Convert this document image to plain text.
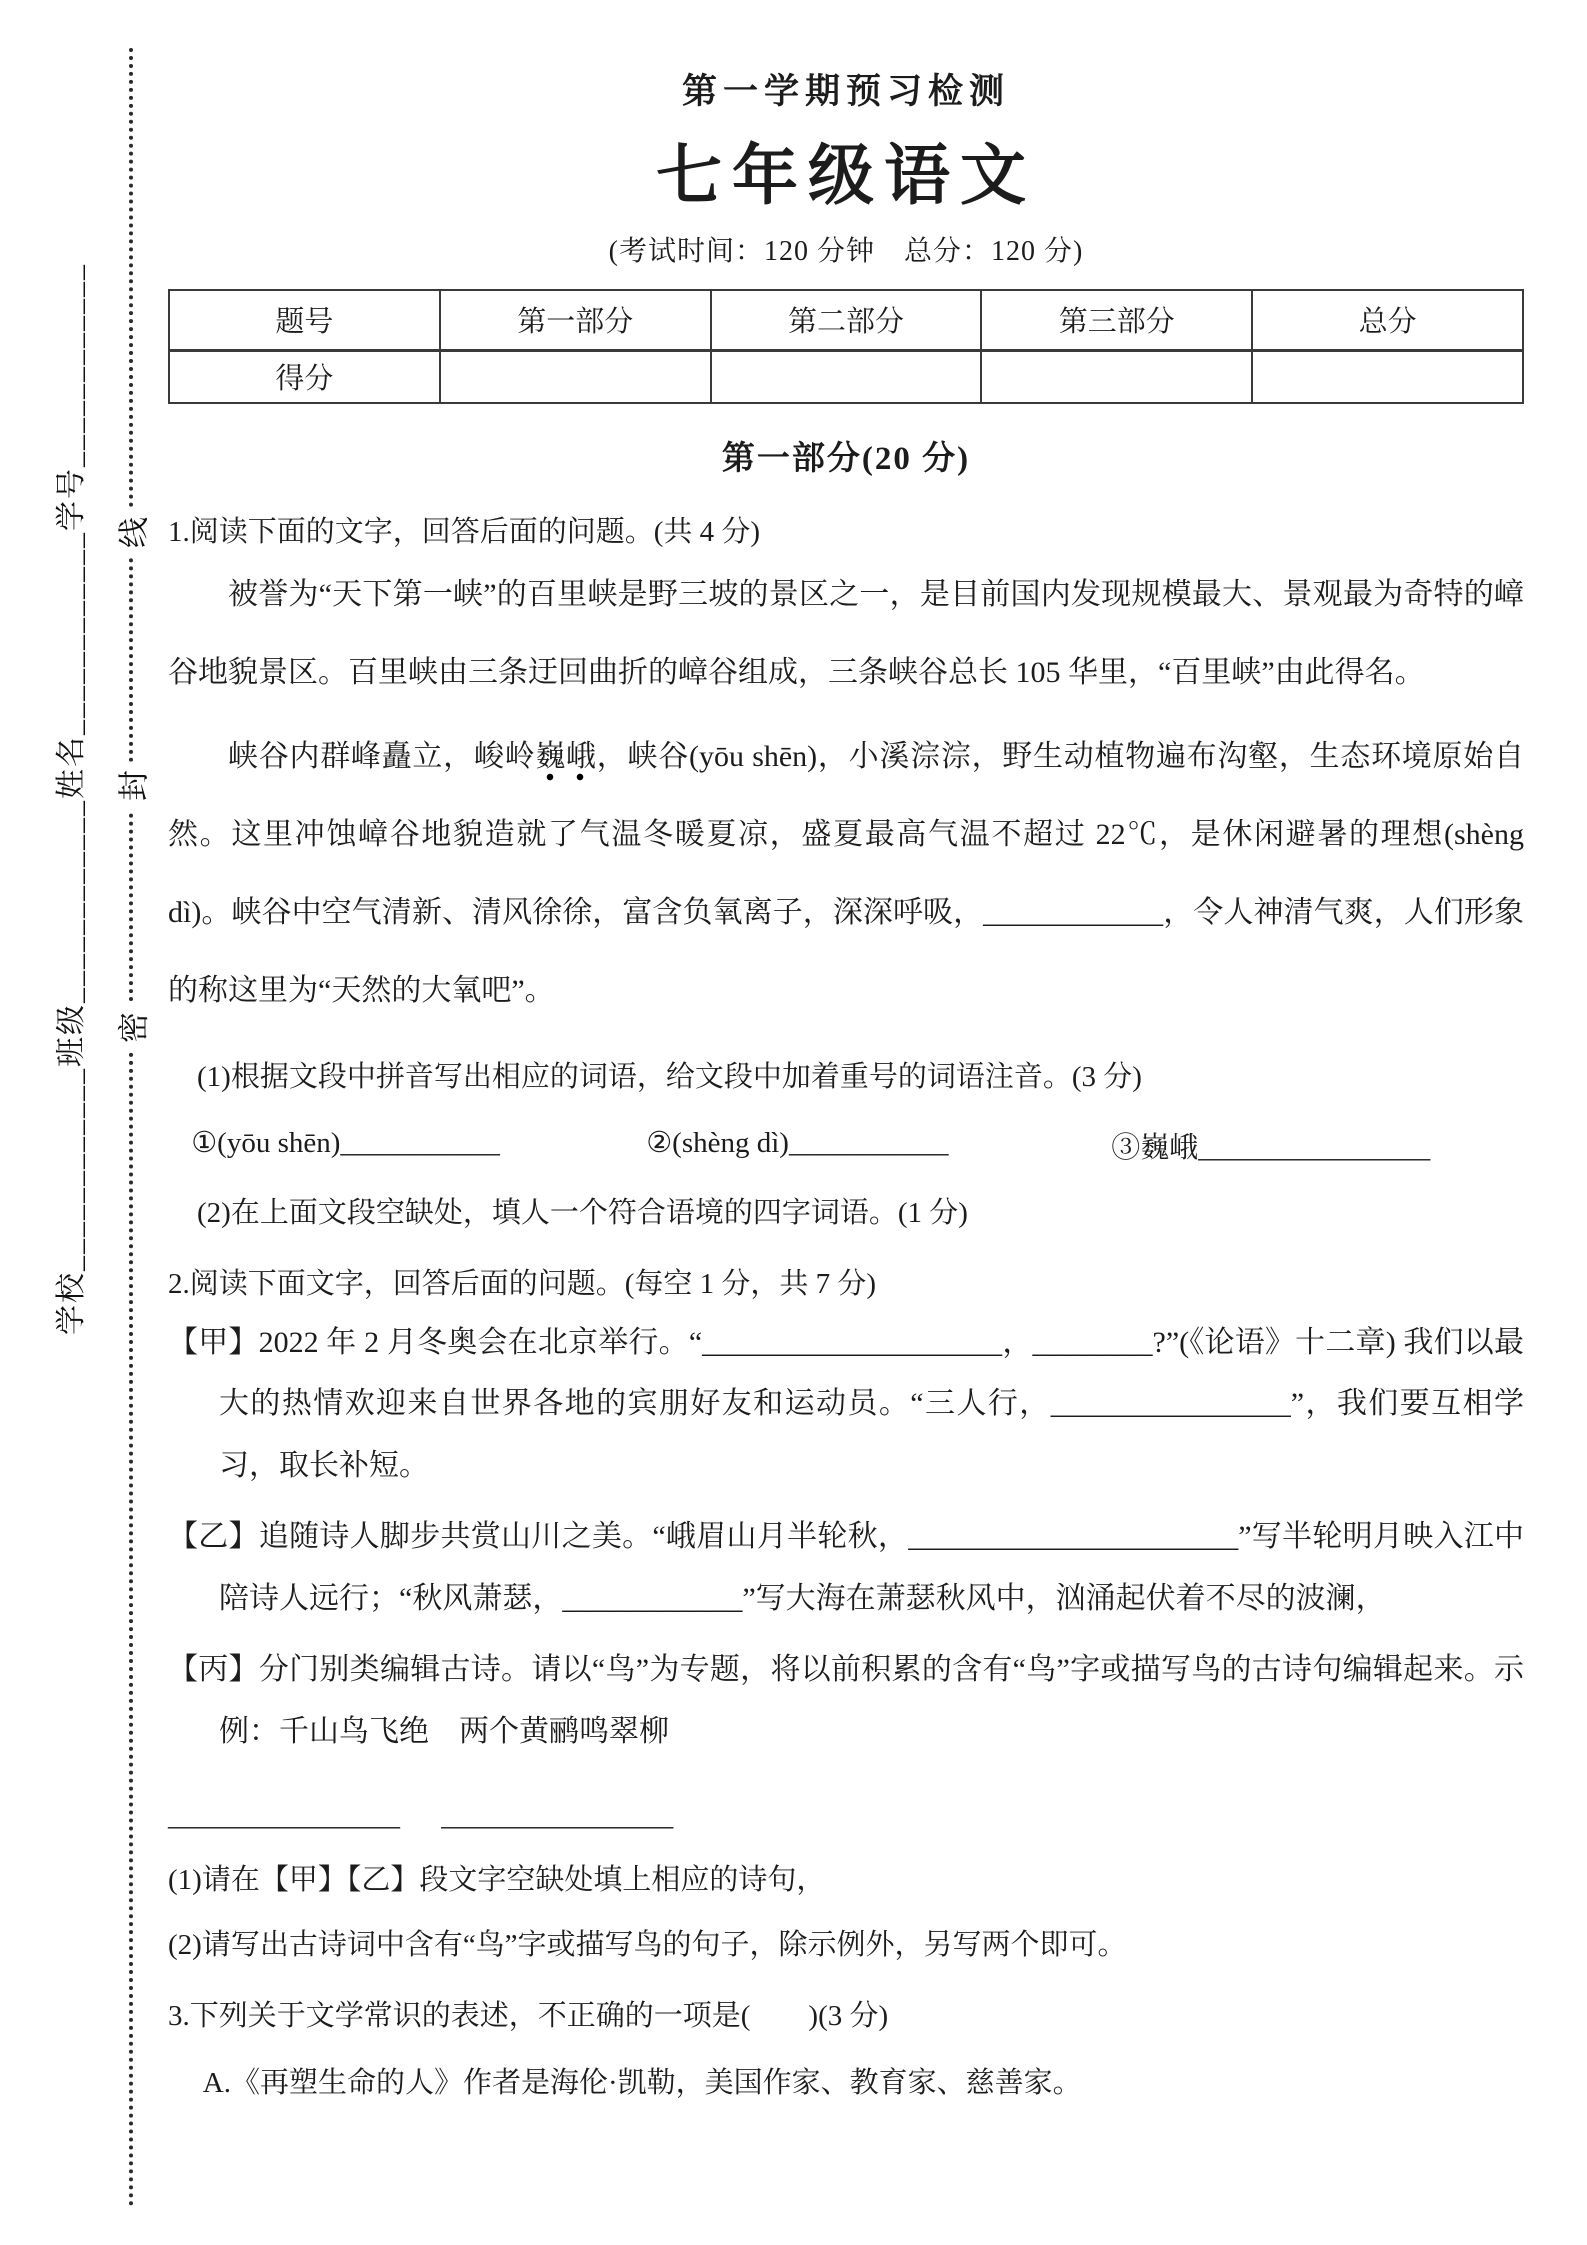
学校____________班级____________姓名____________学号____________ 线
封
密
第一学期预习检测
七年级语文
(考试时间：120 分钟　总分：120 分)
题号	第一部分	第二部分	第三部分	总分
得分				
第一部分(20 分)
1.阅读下面的文字，回答后面的问题。(共 4 分)
被誉为“天下第一峡”的百里峡是野三坡的景区之一，是目前国内发现规模最大、景观最为奇特的嶂谷地貌景区。百里峡由三条迂回曲折的嶂谷组成，三条峡谷总长 105 华里，“百里峡”由此得名。
峡谷内群峰矗立，峻岭巍峨，峡谷(yōu shēn)，小溪淙淙，野生动植物遍布沟壑，生态环境原始自然。这里冲蚀嶂谷地貌造就了气温冬暖夏凉，盛夏最高气温不超过 22℃，是休闲避暑的理想(shèng dì)。峡谷中空气清新、清风徐徐，富含负氧离子，深深呼吸，____________，令人神清气爽，人们形象的称这里为“天然的大氧吧”。
(1)根据文段中拼音写出相应的词语，给文段中加着重号的词语注音。(3 分)
①(yōu shēn)___________	②(shèng dì)___________	③巍峨________________
(2)在上面文段空缺处，填人一个符合语境的四字词语。(1 分)
2.阅读下面文字，回答后面的问题。(每空 1 分，共 7 分)
【甲】2022 年 2 月冬奥会在北京举行。“____________________，________?”(《论语》十二章) 我们以最大的热情欢迎来自世界各地的宾朋好友和运动员。“三人行，________________”，我们要互相学习，取长补短。
【乙】追随诗人脚步共赏山川之美。“峨眉山月半轮秋，______________________”写半轮明月映入江中陪诗人远行；“秋风萧瑟，____________”写大海在萧瑟秋风中，汹涌起伏着不尽的波澜，
【丙】分门别类编辑古诗。请以“鸟”为专题，将以前积累的含有“鸟”字或描写鸟的古诗句编辑起来。示例：千山鸟飞绝　两个黄鹂鸣翠柳
________________ ________________
(1)请在【甲】【乙】段文字空缺处填上相应的诗句，
(2)请写出古诗词中含有“鸟”字或描写鸟的句子，除示例外，另写两个即可。
3.下列关于文学常识的表述，不正确的一项是(　　)(3 分)
A.《再塑生命的人》作者是海伦·凯勒，美国作家、教育家、慈善家。
